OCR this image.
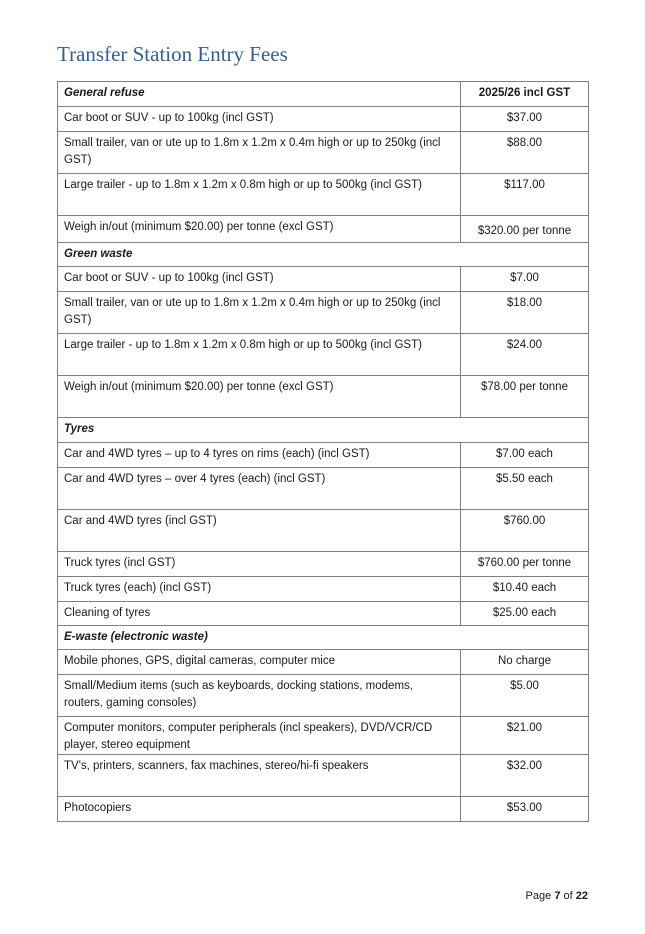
Transfer Station Entry Fees
General refuse	2025/26 incl GST
Car boot or SUV - up to 100kg (incl GST)	$37.00
Small trailer, van or ute up to 1.8m x 1.2m x 0.4m high or up to 250kg (incl GST)	$88.00
Large trailer - up to 1.8m x 1.2m x 0.8m high or up to 500kg (incl GST)	$117.00
Weigh in/out (minimum $20.00) per tonne (excl GST)	$320.00 per tonne
Green waste	
Car boot or SUV - up to 100kg (incl GST)	$7.00
Small trailer, van or ute up to 1.8m x 1.2m x 0.4m high or up to 250kg (incl GST)	$18.00
Large trailer - up to 1.8m x 1.2m x 0.8m high or up to 500kg (incl GST)	$24.00
Weigh in/out (minimum $20.00) per tonne (excl GST)	$78.00 per tonne
Tyres	
Car and 4WD tyres – up to 4 tyres on rims (each) (incl GST)	$7.00 each
Car and 4WD tyres – over 4 tyres (each) (incl GST)	$5.50 each
Car and 4WD tyres (incl GST)	$760.00
Truck tyres (incl GST)	$760.00 per tonne
Truck tyres (each) (incl GST)	$10.40 each
Cleaning of tyres	$25.00 each
E-waste (electronic waste)	
Mobile phones, GPS, digital cameras, computer mice	No charge
Small/Medium items (such as keyboards, docking stations, modems, routers, gaming consoles)	$5.00
Computer monitors, computer peripherals (incl speakers), DVD/VCR/CD player, stereo equipment	$21.00
TV's, printers, scanners, fax machines, stereo/hi-fi speakers	$32.00
Photocopiers	$53.00
Page 7 of 22
